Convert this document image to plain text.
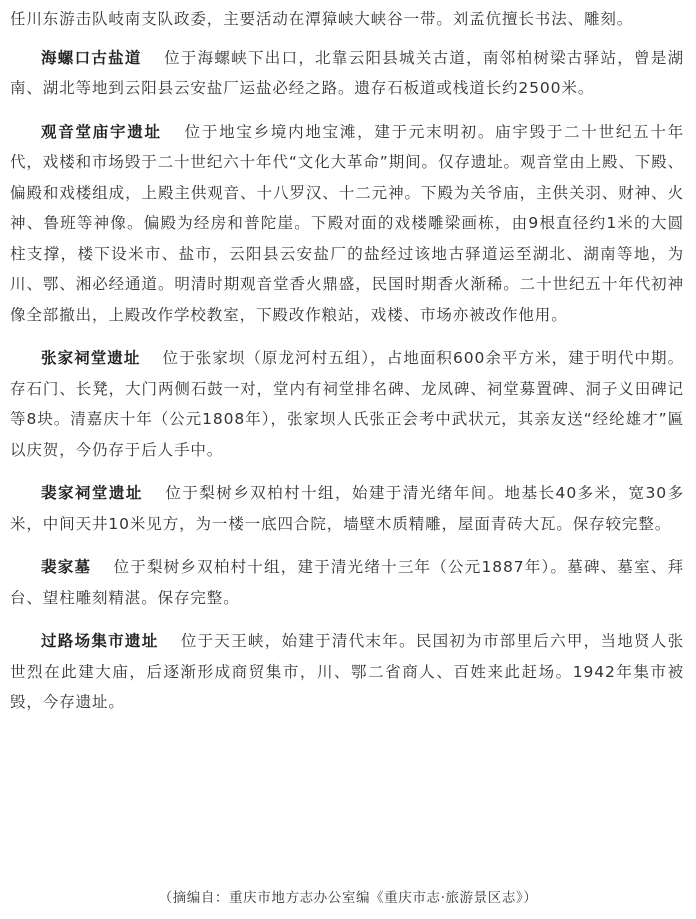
任川东游击队岐南支队政委，主要活动在潭獐峡大峡谷一带。刘孟伉擅长书法、雕刻。

海螺口古盐道 位于海螺峡下出口，北靠云阳县城关古道，南邻柏树梁古驿站，曾是湖南、湖北等地到云阳县云安盐厂运盐必经之路。遗存石板道或栈道长约2500米。

观音堂庙宇遗址 位于地宝乡境内地宝滩，建于元末明初。庙宇毁于二十世纪五十年代，戏楼和市场毁于二十世纪六十年代“文化大革命”期间。仅存遗址。观音堂由上殿、下殿、偏殿和戏楼组成，上殿主供观音、十八罗汉、十二元神。下殿为关爷庙，主供关羽、财神、火神、鲁班等神像。偏殿为经房和普陀崖。下殿对面的戏楼雕梁画栋，由9根直径约1米的大圆柱支撑，楼下设米市、盐市，云阳县云安盐厂的盐经过该地古驿道运至湖北、湖南等地，为川、鄂、湘必经通道。明清时期观音堂香火鼎盛，民国时期香火渐稀。二十世纪五十年代初神像全部撤出，上殿改作学校教室，下殿改作粮站，戏楼、市场亦被改作他用。

张家祠堂遗址 位于张家坝（原龙河村五组），占地面积600余平方米，建于明代中期。存石门、长凳，大门两侧石鼓一对，堂内有祠堂排名碑、龙凤碑、祠堂募置碑、洞子义田碑记等8块。清嘉庆十年（公元1808年），张家坝人氏张正会考中武状元，其亲友送“经纶雄才”匾以庆贺，今仍存于后人手中。

裴家祠堂遗址 位于梨树乡双柏村十组，始建于清光绪年间。地基长40多米，宽30多米，中间天井10米见方，为一楼一底四合院，墙壁木质精雕，屋面青砖大瓦。保存较完整。

裴家墓 位于梨树乡双柏村十组，建于清光绪十三年（公元1887年）。墓碑、墓室、拜台、望柱雕刻精湛。保存完整。

过路场集市遗址 位于天王峡，始建于清代末年。民国初为市部里后六甲，当地贤人张世烈在此建大庙，后逐渐形成商贸集市，川、鄂二省商人、百姓来此赶场。1942年集市被毁，今存遗址。

（摘编自：重庆市地方志办公室编《重庆市志·旅游景区志》）
